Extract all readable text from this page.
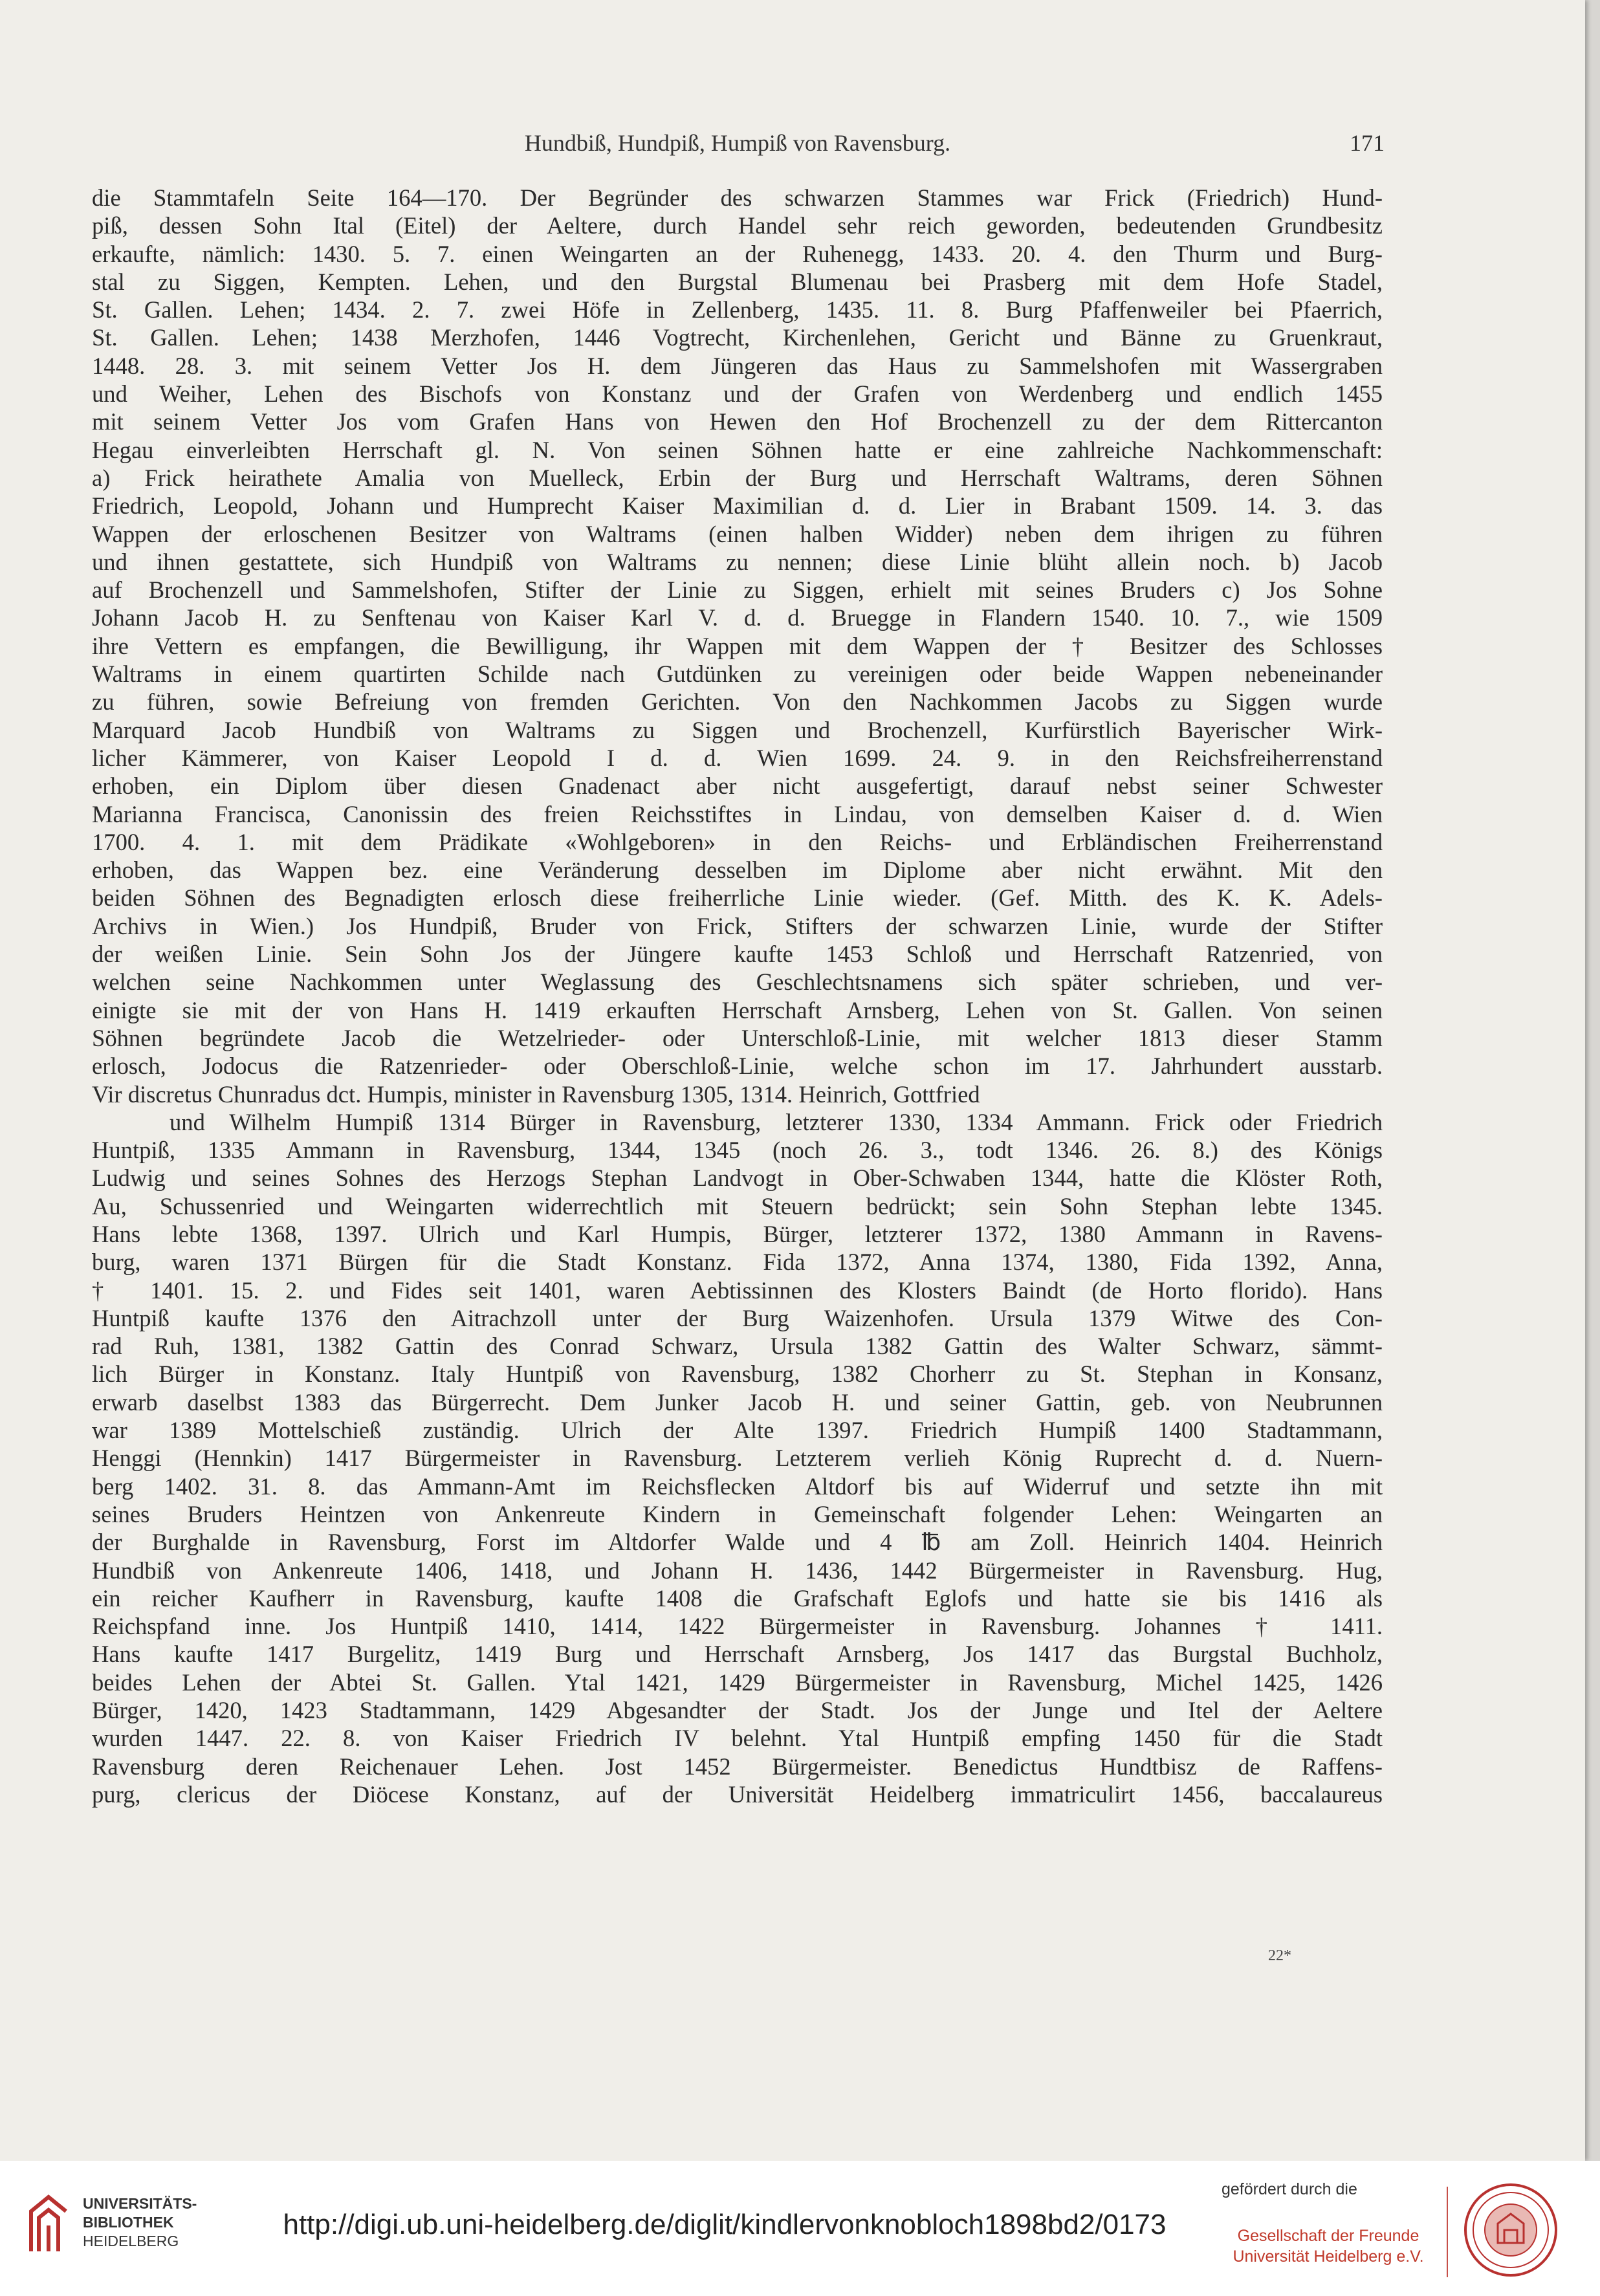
Hundbiß, Hundpiß, Humpiß von Ravensburg.	171
die Stammtafeln Seite 164—170. Der Begründer des schwarzen Stammes war Frick (Friedrich) Hund-
piß, dessen Sohn Ital (Eitel) der Aeltere, durch Handel sehr reich geworden, bedeutenden Grundbesitz
erkaufte, nämlich: 1430. 5. 7. einen Weingarten an der Ruhenegg, 1433. 20. 4. den Thurm und Burg-
stal zu Siggen, Kempten. Lehen, und den Burgstal Blumenau bei Prasberg mit dem Hofe Stadel,
St. Gallen. Lehen; 1434. 2. 7. zwei Höfe in Zellenberg, 1435. 11. 8. Burg Pfaffenweiler bei Pfaerrich,
St. Gallen. Lehen; 1438 Merzhofen, 1446 Vogtrecht, Kirchenlehen, Gericht und Bänne zu Gruenkraut,
1448. 28. 3. mit seinem Vetter Jos H. dem Jüngeren das Haus zu Sammelshofen mit Wassergraben
und Weiher, Lehen des Bischofs von Konstanz und der Grafen von Werdenberg und endlich 1455
mit seinem Vetter Jos vom Grafen Hans von Hewen den Hof Brochenzell zu der dem Rittercanton
Hegau einverleibten Herrschaft gl. N. Von seinen Söhnen hatte er eine zahlreiche Nachkommenschaft:
a) Frick heirathete Amalia von Muelleck, Erbin der Burg und Herrschaft Waltrams, deren Söhnen
Friedrich, Leopold, Johann und Humprecht Kaiser Maximilian d. d. Lier in Brabant 1509. 14. 3. das
Wappen der erloschenen Besitzer von Waltrams (einen halben Widder) neben dem ihrigen zu führen
und ihnen gestattete, sich Hundpiß von Waltrams zu nennen; diese Linie blüht allein noch. b) Jacob
auf Brochenzell und Sammelshofen, Stifter der Linie zu Siggen, erhielt mit seines Bruders c) Jos Sohne
Johann Jacob H. zu Senftenau von Kaiser Karl V. d. d. Bruegge in Flandern 1540. 10. 7., wie 1509
ihre Vettern es empfangen, die Bewilligung, ihr Wappen mit dem Wappen der † Besitzer des Schlosses
Waltrams in einem quartirten Schilde nach Gutdünken zu vereinigen oder beide Wappen nebeneinander
zu führen, sowie Befreiung von fremden Gerichten. Von den Nachkommen Jacobs zu Siggen wurde
Marquard Jacob Hundbiß von Waltrams zu Siggen und Brochenzell, Kurfürstlich Bayerischer Wirk-
licher Kämmerer, von Kaiser Leopold I d. d. Wien 1699. 24. 9. in den Reichsfreiherrenstand
erhoben, ein Diplom über diesen Gnadenact aber nicht ausgefertigt, darauf nebst seiner Schwester
Marianna Francisca, Canonissin des freien Reichsstiftes in Lindau, von demselben Kaiser d. d. Wien
1700. 4. 1. mit dem Prädikate «Wohlgeboren» in den Reichs- und Erbländischen Freiherrenstand
erhoben, das Wappen bez. eine Veränderung desselben im Diplome aber nicht erwähnt. Mit den
beiden Söhnen des Begnadigten erlosch diese freiherrliche Linie wieder. (Gef. Mitth. des K. K. Adels-
Archivs in Wien.) Jos Hundpiß, Bruder von Frick, Stifters der schwarzen Linie, wurde der Stifter
der weißen Linie. Sein Sohn Jos der Jüngere kaufte 1453 Schloß und Herrschaft Ratzenried, von
welchen seine Nachkommen unter Weglassung des Geschlechtsnamens sich später schrieben, und ver-
einigte sie mit der von Hans H. 1419 erkauften Herrschaft Arnsberg, Lehen von St. Gallen. Von seinen
Söhnen begründete Jacob die Wetzelrieder- oder Unterschloß-Linie, mit welcher 1813 dieser Stamm
erlosch, Jodocus die Ratzenrieder- oder Oberschloß-Linie, welche schon im 17. Jahrhundert ausstarb.
Vir discretus Chunradus dct. Humpis, minister in Ravensburg 1305, 1314. Heinrich, Gottfried
und Wilhelm Humpiß 1314 Bürger in Ravensburg, letzterer 1330, 1334 Ammann. Frick oder Friedrich
Huntpiß, 1335 Ammann in Ravensburg, 1344, 1345 (noch 26. 3., todt 1346. 26. 8.) des Königs
Ludwig und seines Sohnes des Herzogs Stephan Landvogt in Ober-Schwaben 1344, hatte die Klöster Roth,
Au, Schussenried und Weingarten widerrechtlich mit Steuern bedrückt; sein Sohn Stephan lebte 1345.
Hans lebte 1368, 1397. Ulrich und Karl Humpis, Bürger, letzterer 1372, 1380 Ammann in Ravens-
burg, waren 1371 Bürgen für die Stadt Konstanz. Fida 1372, Anna 1374, 1380, Fida 1392, Anna,
† 1401. 15. 2. und Fides seit 1401, waren Aebtissinnen des Klosters Baindt (de Horto florido). Hans
Huntpiß kaufte 1376 den Aitrachzoll unter der Burg Waizenhofen. Ursula 1379 Witwe des Con-
rad Ruh, 1381, 1382 Gattin des Conrad Schwarz, Ursula 1382 Gattin des Walter Schwarz, sämmt-
lich Bürger in Konstanz. Italy Huntpiß von Ravensburg, 1382 Chorherr zu St. Stephan in Konsanz,
erwarb daselbst 1383 das Bürgerrecht. Dem Junker Jacob H. und seiner Gattin, geb. von Neubrunnen
war 1389 Mottelschieß zuständig. Ulrich der Alte 1397. Friedrich Humpiß 1400 Stadtammann,
Henggi (Hennkin) 1417 Bürgermeister in Ravensburg. Letzterem verlieh König Ruprecht d. d. Nuern-
berg 1402. 31. 8. das Ammann-Amt im Reichsflecken Altdorf bis auf Widerruf und setzte ihn mit
seines Bruders Heintzen von Ankenreute Kindern in Gemeinschaft folgender Lehen: Weingarten an
der Burghalde in Ravensburg, Forst im Altdorfer Walde und 4 ℔ am Zoll. Heinrich 1404. Heinrich
Hundbiß von Ankenreute 1406, 1418, und Johann H. 1436, 1442 Bürgermeister in Ravensburg. Hug,
ein reicher Kaufherr in Ravensburg, kaufte 1408 die Grafschaft Eglofs und hatte sie bis 1416 als
Reichspfand inne. Jos Huntpiß 1410, 1414, 1422 Bürgermeister in Ravensburg. Johannes † 1411.
Hans kaufte 1417 Burgelitz, 1419 Burg und Herrschaft Arnsberg, Jos 1417 das Burgstal Buchholz,
beides Lehen der Abtei St. Gallen. Ytal 1421, 1429 Bürgermeister in Ravensburg, Michel 1425, 1426
Bürger, 1420, 1423 Stadtammann, 1429 Abgesandter der Stadt. Jos der Junge und Itel der Aeltere
wurden 1447. 22. 8. von Kaiser Friedrich IV belehnt. Ytal Huntpiß empfing 1450 für die Stadt
Ravensburg deren Reichenauer Lehen. Jost 1452 Bürgermeister. Benedictus Hundtbisz de Raffens-
purg, clericus der Diöcese Konstanz, auf der Universität Heidelberg immatriculirt 1456, baccalaureus
22*
UNIVERSITÄTS-
BIBLIOTHEK
HEIDELBERG
http://digi.ub.uni-heidelberg.de/diglit/kindlervonknobloch1898bd2/0173
gefördert durch die
Gesellschaft der Freunde
Universität Heidelberg e.V.
